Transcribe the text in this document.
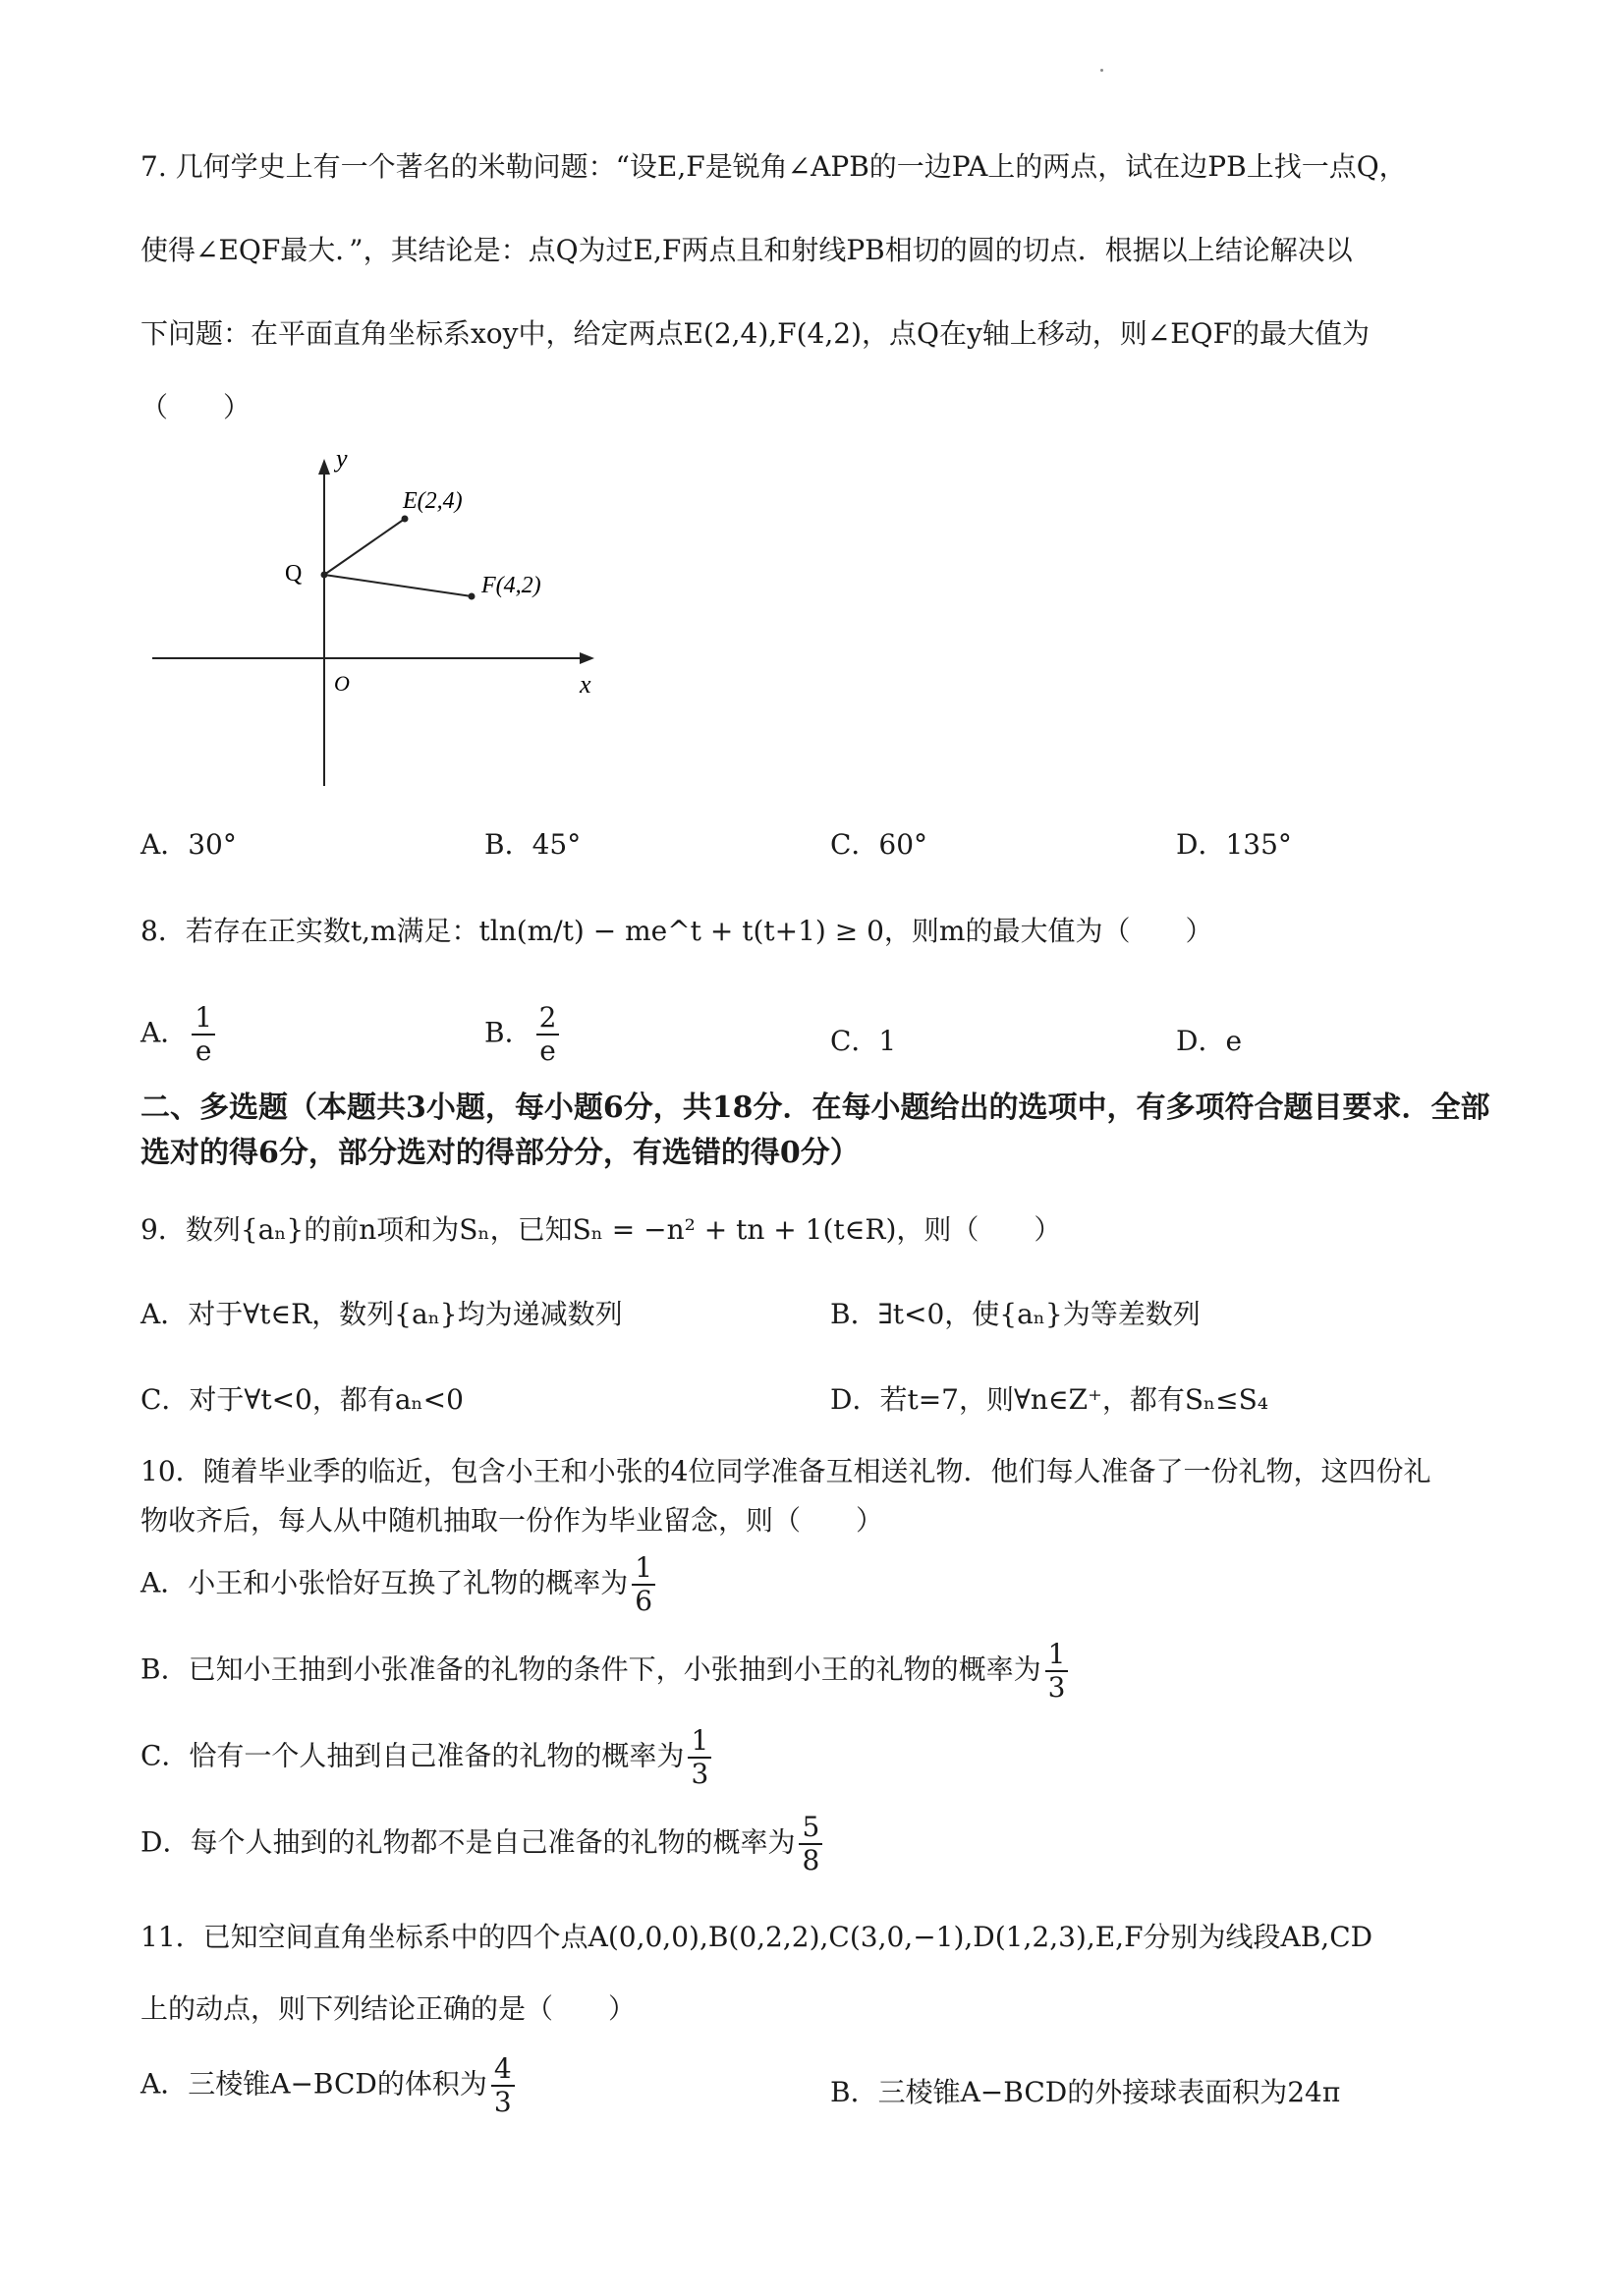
7. 几何学史上有一个著名的米勒问题：“设E,F是锐角∠APB的一边PA上的两点，试在边PB上找一点Q，
使得∠EQF最大．”，其结论是：点Q为过E,F两点且和射线PB相切的圆的切点．根据以上结论解决以
下问题：在平面直角坐标系xoy中，给定两点E(2,4),F(4,2)，点Q在y轴上移动，则∠EQF的最大值为
（　　）
y
x
O
Q
E(2,4)
F(4,2)
A．30°	B．45°	C．60°	D．135°
8．若存在正实数t,m满足：tln(m/t) − me^t + t(t+1) ≥ 0，则m的最大值为（　　）
A． $\frac{1}{e}$	B． $\frac{2}{e}$	C．1	D．e
二、多选题（本题共3小题，每小题6分，共18分．在每小题给出的选项中，有多项符合题目要求．全部选对的得6分，部分选对的得部分分，有选错的得0分）
9．数列{aₙ}的前n项和为Sₙ，已知Sₙ = −n² + tn + 1(t∈R)，则（　　）
A．对于∀t∈R，数列{aₙ}均为递减数列	B．∃t<0，使{aₙ}为等差数列
C．对于∀t<0，都有aₙ<0	D．若t=7，则∀n∈Z⁺，都有Sₙ≤S₄
10．随着毕业季的临近，包含小王和小张的4位同学准备互相送礼物．他们每人准备了一份礼物，这四份礼
物收齐后，每人从中随机抽取一份作为毕业留念，则（　　）
A．小王和小张恰好互换了礼物的概率为 $\frac{1}{6}$
B．已知小王抽到小张准备的礼物的条件下，小张抽到小王的礼物的概率为 $\frac{1}{3}$
C．恰有一个人抽到自己准备的礼物的概率为 $\frac{1}{3}$
D．每个人抽到的礼物都不是自己准备的礼物的概率为 $\frac{5}{8}$
11．已知空间直角坐标系中的四个点A(0,0,0),B(0,2,2),C(3,0,−1),D(1,2,3),E,F分别为线段AB,CD
上的动点，则下列结论正确的是（　　）
A．三棱锥A−BCD的体积为 $\frac{4}{3}$	B．三棱锥A−BCD的外接球表面积为24π
